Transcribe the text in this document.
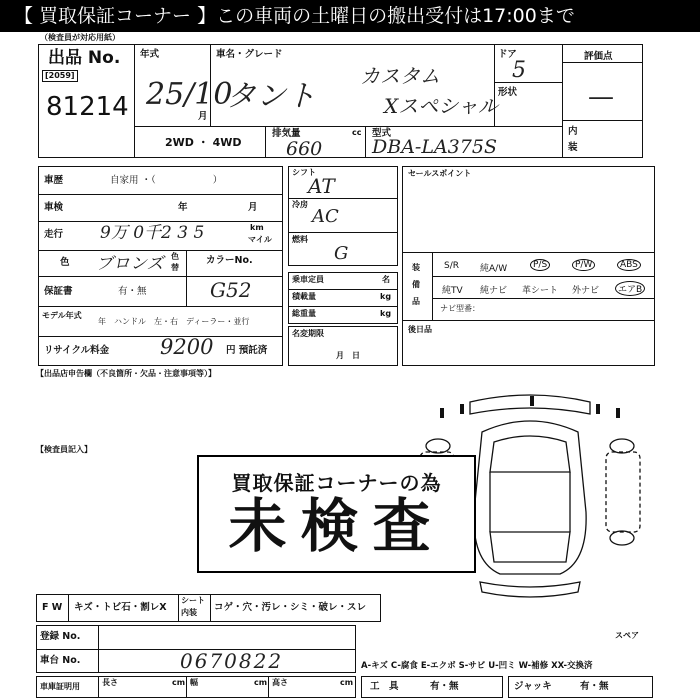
【 買取保証コーナー 】この車両の土曜日の搬出受付は17:00まで
（検査員が対応用紙）
出品 No.
[2059]
81214
年式
25/10
月
車名・グレード
タント
カスタム
Xスペシャル
ドア
5
形状
評価点
—
内
装
2WD ・ 4WD
排気量	cc
660
型式
DBA-LA375S
車歴	自家用 ・（　　　　　　）
車検	年	月
走行 9万 0千2 3 5	km
マイル
色 ブロンズ 色
替
カラーNo.
保証書	有・無	G52
モデル年式
年　ハンドル　左・右　ディーラー・並行
リサイクル料金 9200 円 預託済
シフト
AT
冷房
AC
燃料
G
乗車定員	名
積載量	kg
総重量	kg
名変期限
月　日
セールスポイント
装
備
品
S/R 純A/W	P/S	P/W	ABS
純TV 純ナビ 革シート 外ナビ	エアB
ナビ型番：
後日品
【出品店申告欄（不良箇所・欠品・注意事項等）】
【検査員記入】
スペア
買取保証コーナーの為
未検査
F W キズ・トビ石・割レX
シート
内装 コゲ・穴・汚レ・シミ・破レ・スレ
登録 No.
車台 No.	0670822
車庫証明用	長さ	cm 幅	cm 高さ	cm
A-キズ C-腐食 E-エクボ S-サビ U-凹ミ W-補修 XX-交換済
工　具	有・無	ジャッキ	有・無
